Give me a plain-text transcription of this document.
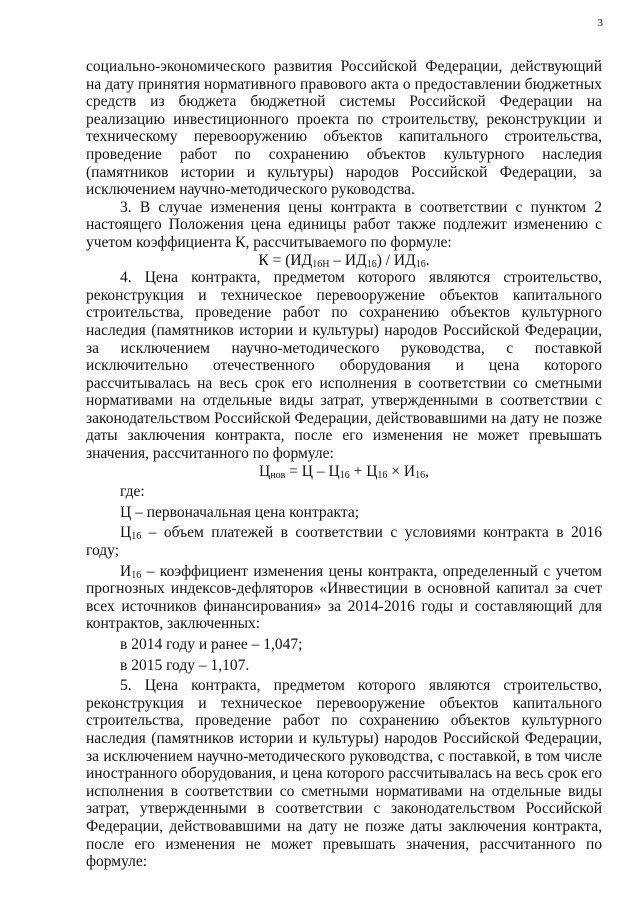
3

социально-экономического развития Российской Федерации, действующий на дату принятия нормативного правового акта о предоставлении бюджетных средств из бюджета бюджетной системы Российской Федерации на реализацию инвестиционного проекта по строительству, реконструкции и техническому перевооружению объектов капитального строительства, проведение работ по сохранению объектов культурного наследия (памятников истории и культуры) народов Российской Федерации, за исключением научно-методического руководства.

3. В случае изменения цены контракта в соответствии с пунктом 2 настоящего Положения цена единицы работ также подлежит изменению с учетом коэффициента К, рассчитываемого по формуле:

$К = (ИД_{16Н} - ИД_{16}) / ИД_{16}$.

4. Цена контракта, предметом которого являются строительство, реконструкция и техническое перевооружение объектов капитального строительства, проведение работ по сохранению объектов культурного наследия (памятников истории и культуры) народов Российской Федерации, за исключением научно-методического руководства, с поставкой исключительно отечественного оборудования и цена которого рассчитывалась на весь срок его исполнения в соответствии со сметными нормативами на отдельные виды затрат, утвержденными в соответствии с законодательством Российской Федерации, действовавшими на дату не позже даты заключения контракта, после его изменения не может превышать значения, рассчитанного по формуле:

$Ц_{нов} = Ц - Ц_{16} + Ц_{16} \times И_{16}$,

где:

Ц – первоначальная цена контракта;

$Ц_{16}$ – объем платежей в соответствии с условиями контракта в 2016 году;

$И_{16}$ – коэффициент изменения цены контракта, определенный с учетом прогнозных индексов-дефляторов «Инвестиции в основной капитал за счет всех источников финансирования» за 2014-2016 годы и составляющий для контрактов, заключенных:

в 2014 году и ранее – 1,047;

в 2015 году – 1,107.

5. Цена контракта, предметом которого являются строительство, реконструкция и техническое перевооружение объектов капитального строительства, проведение работ по сохранению объектов культурного наследия (памятников истории и культуры) народов Российской Федерации, за исключением научно-методического руководства, с поставкой, в том числе иностранного оборудования, и цена которого рассчитывалась на весь срок его исполнения в соответствии со сметными нормативами на отдельные виды затрат, утвержденными в соответствии с законодательством Российской Федерации, действовавшими на дату не позже даты заключения контракта, после его изменения не может превышать значения, рассчитанного по формуле:
